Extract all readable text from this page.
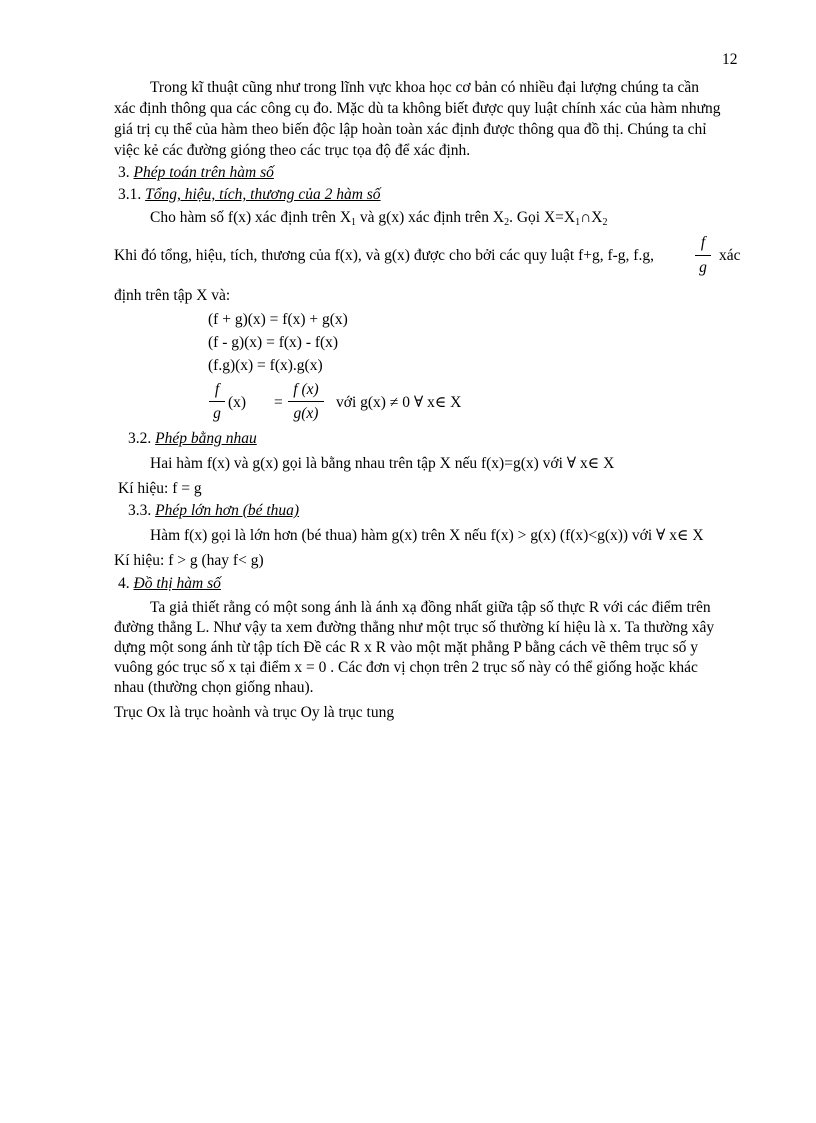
12
Trong kĩ thuật cũng như trong lĩnh vực khoa học cơ bản có nhiều đại lượng chúng ta cần
xác định thông qua các công cụ đo. Mặc dù ta không biết được quy luật chính xác của hàm nhưng
giá trị cụ thể của hàm theo biến độc lập hoàn toàn xác định được thông qua đồ thị. Chúng ta chỉ
việc kẻ các đường gióng theo các trục tọa độ để xác định.
3. Phép toán trên hàm số
3.1. Tổng, hiệu, tích, thương của 2 hàm số
Cho hàm số f(x) xác định trên $X_1$ và g(x) xác định trên $X_2$. Gọi $X=X_1\cap X_2$
Khi đó tổng, hiệu, tích, thương của f(x), và g(x) được cho bởi các quy luật f+g, f-g, f.g,
f
g
xác
định trên tập X và:
(f + g)(x) = f(x) + g(x)
(f - g)(x) = f(x) - f(x)
(f.g)(x) = f(x).g(x)
f
g
(x) =
f (x)
g(x)
với g(x) ≠ 0 ∀ x∈ X
3.2. Phép bằng nhau
Hai hàm f(x) và g(x) gọi là bằng nhau trên tập X nếu f(x)=g(x) với ∀ x∈ X
Kí hiệu: f = g
3.3. Phép lớn hơn (bé thua)
Hàm f(x) gọi là lớn hơn (bé thua) hàm g(x) trên X nếu f(x) > g(x) (f(x)<g(x)) với ∀ x∈ X
Kí hiệu: f > g (hay f< g)
4. Đồ thị hàm số
Ta giả thiết rằng có một song ánh là ánh xạ đồng nhất giữa tập số thực R với các điểm trên
đường thẳng L. Như vậy ta xem đường thẳng như một trục số thường kí hiệu là x. Ta thường xây
dựng một song ánh từ tập tích Đề các R x R vào một mặt phẳng P bằng cách vẽ thêm trục số y
vuông góc trục số x tại điểm x = 0 . Các đơn vị chọn trên 2 trục số này có thể giống hoặc khác
nhau (thường chọn giống nhau).
Trục Ox là trục hoành và trục Oy là trục tung
